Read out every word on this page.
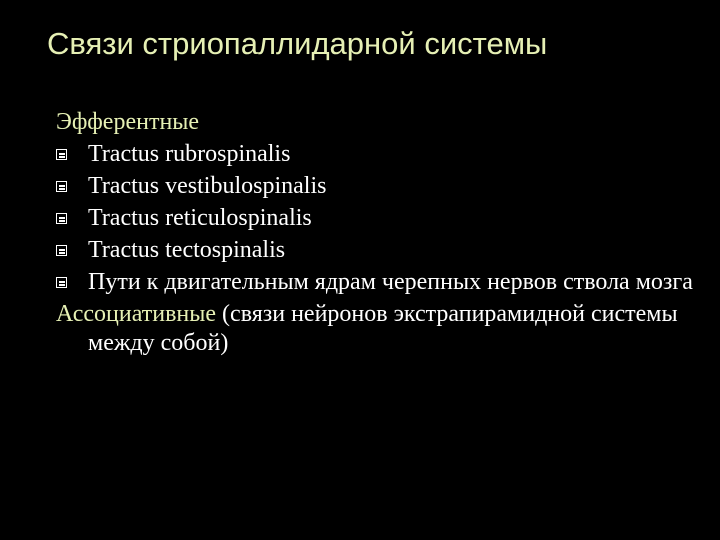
Связи стриопаллидарной системы
Эфферентные
Tractus rubrospinalis
Tractus vestibulospinalis
Tractus reticulospinalis
Tractus tectospinalis
Пути к двигательным ядрам черепных нервов ствола мозга
Ассоциативные (связи нейронов экстрапирамидной системы между собой)
